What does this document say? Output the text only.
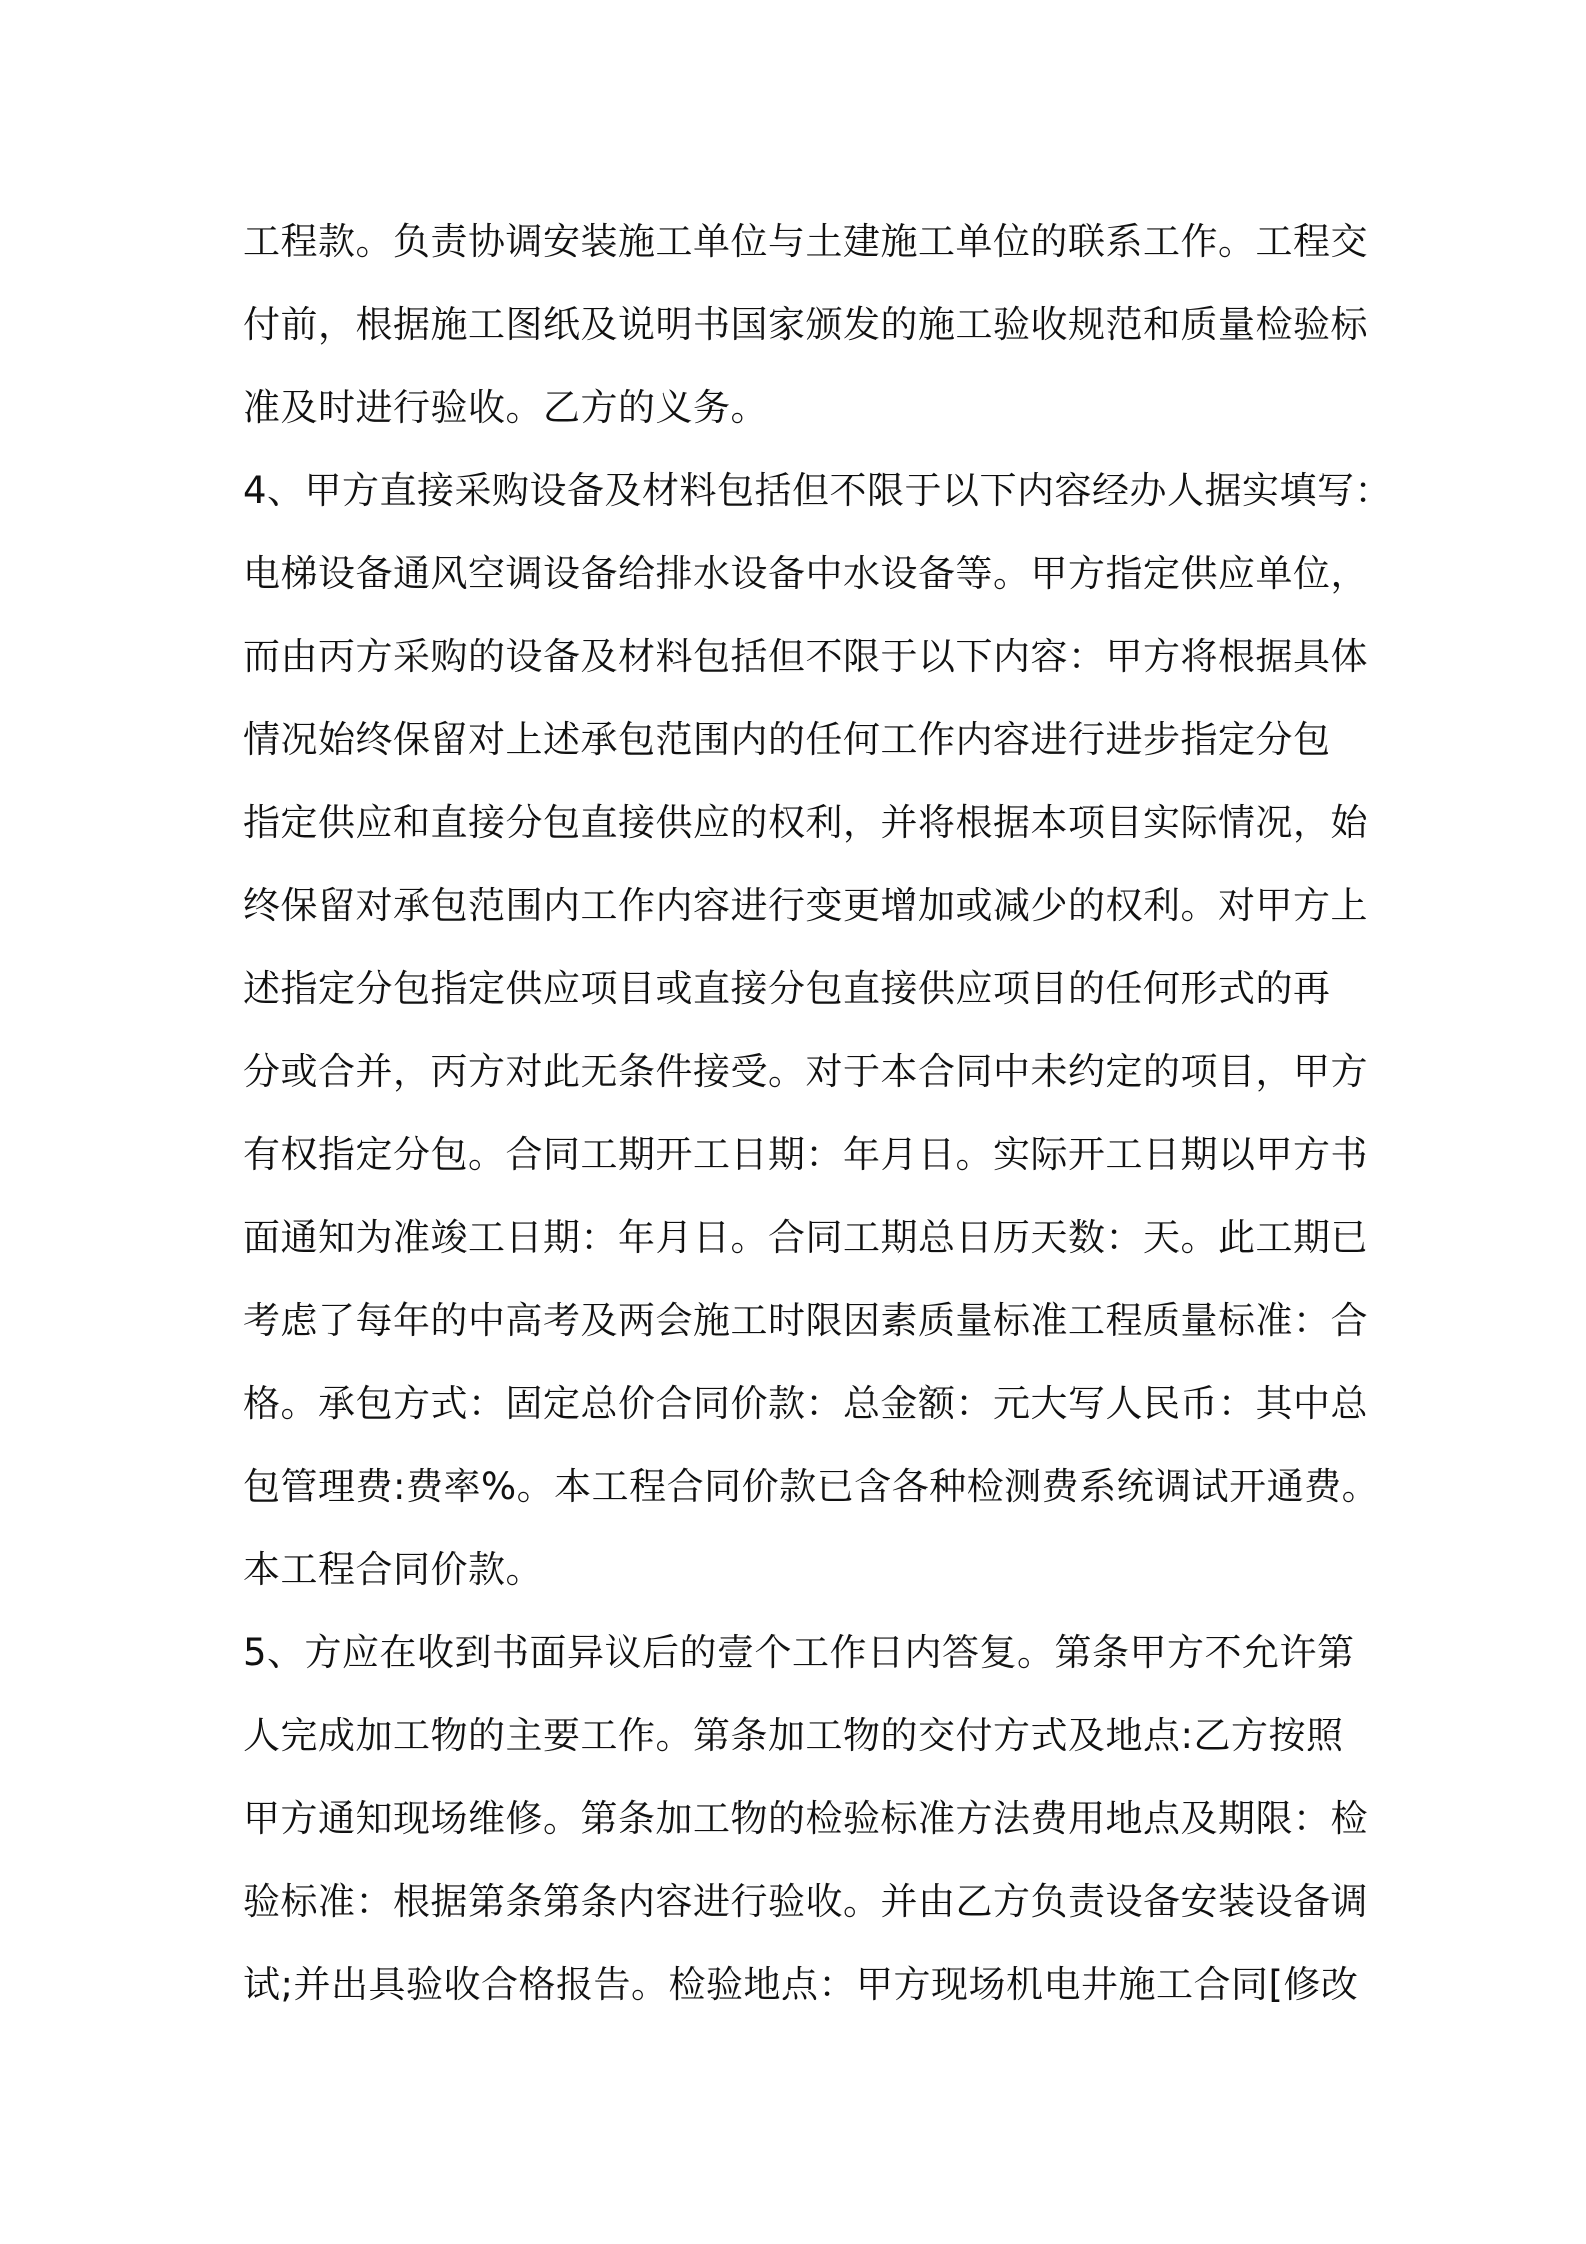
工程款。负责协调安装施工单位与土建施工单位的联系工作。工程交
付前，根据施工图纸及说明书国家颁发的施工验收规范和质量检验标
准及时进行验收。乙方的义务。
4、甲方直接采购设备及材料包括但不限于以下内容经办人据实填写：
电梯设备通风空调设备给排水设备中水设备等。甲方指定供应单位，
而由丙方采购的设备及材料包括但不限于以下内容：甲方将根据具体
情况始终保留对上述承包范围内的任何工作内容进行进步指定分包
指定供应和直接分包直接供应的权利，并将根据本项目实际情况，始
终保留对承包范围内工作内容进行变更增加或减少的权利。对甲方上
述指定分包指定供应项目或直接分包直接供应项目的任何形式的再
分或合并，丙方对此无条件接受。对于本合同中未约定的项目，甲方
有权指定分包。合同工期开工日期：年月日。实际开工日期以甲方书
面通知为准竣工日期：年月日。合同工期总日历天数：天。此工期已
考虑了每年的中高考及两会施工时限因素质量标准工程质量标准：合
格。承包方式：固定总价合同价款：总金额：元大写人民币：其中总
包管理费:费率%。本工程合同价款已含各种检测费系统调试开通费。
本工程合同价款。
5、方应在收到书面异议后的壹个工作日内答复。第条甲方不允许第
人完成加工物的主要工作。第条加工物的交付方式及地点:乙方按照
甲方通知现场维修。第条加工物的检验标准方法费用地点及期限：检
验标准：根据第条第条内容进行验收。并由乙方负责设备安装设备调
试;并出具验收合格报告。检验地点：甲方现场机电井施工合同[修改
